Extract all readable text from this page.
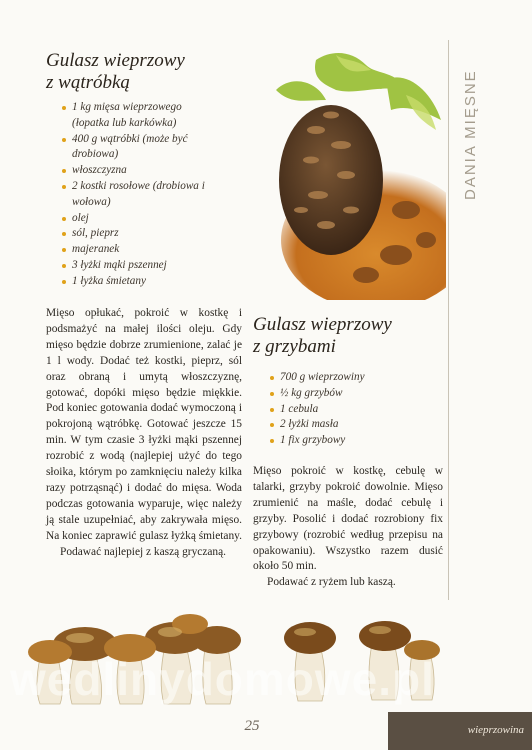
DANIA MIĘSNE
Gulasz wieprzowy
z wątróbką
1 kg mięsa wieprzowego (łopatka lub karkówka)
400 g wątróbki (może być drobiowa)
włoszczyzna
2 kostki rosołowe (drobiowa i wołowa)
olej
sól, pieprz
majeranek
3 łyżki mąki pszennej
1 łyżka śmietany

Mięso opłukać, pokroić w kostkę i podsmażyć na małej ilości oleju. Gdy mięso będzie dobrze zrumienione, zalać je 1 l wody. Dodać też kostki, pieprz, sól oraz obraną i umytą włoszczyznę, gotować, dopóki mięso będzie miękkie. Pod koniec gotowania dodać wymoczoną i pokrojoną wątróbkę. Gotować jeszcze 15 min. W tym czasie 3 łyżki mąki pszennej rozrobić z wodą (najlepiej użyć do tego słoika, którym po zamknięciu należy kilka razy potrząsnąć) i dodać do mięsa. Woda podczas gotowania wyparuje, więc należy ją stale uzupełniać, aby zakrywała mięso. Na koniec zaprawić gulasz łyżką śmietany.

Podawać najlepiej z kaszą gryczaną.

Gulasz wieprzowy
z grzybami
700 g wieprzowiny
½ kg grzybów
1 cebula
2 łyżki masła
1 fix grzybowy

Mięso pokroić w kostkę, cebulę w talarki, grzyby pokroić dowolnie. Mięso zrumienić na maśle, dodać cebulę i grzyby. Posolić i dodać rozrobiony fix grzybowy (rozrobić według przepisu na opakowaniu). Wszystko razem dusić około 50 min.

Podawać z ryżem lub kaszą.

wedlinydomowe.pl
25	wieprzowina
